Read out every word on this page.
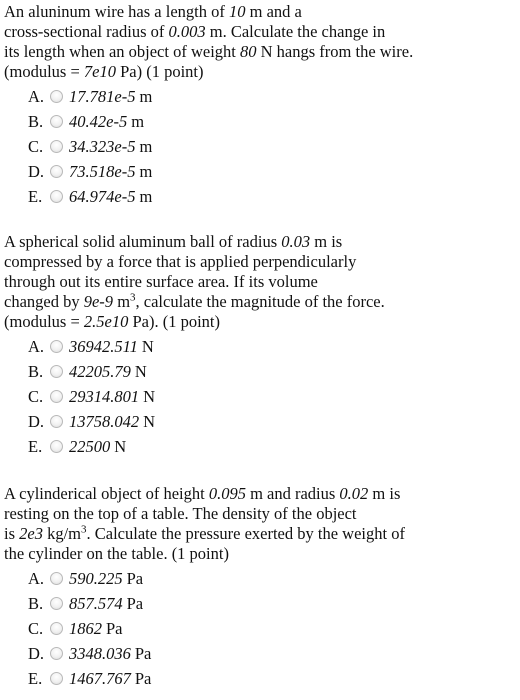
An aluninum wire has a length of 10 m and a
cross-sectional radius of 0.003 m. Calculate the change in
its length when an object of weight 80 N hangs from the wire.
(modulus = 7e10 Pa) (1 point)

A.	17.781e-5 m
B.	40.42e-5 m
C.	34.323e-5 m
D.	73.518e-5 m
E.	64.974e-5 m

A spherical solid aluminum ball of radius 0.03 m is
compressed by a force that is applied perpendicularly
through out its entire surface area. If its volume
changed by 9e-9 $m^3$, calculate the magnitude of the force.
(modulus = 2.5e10 Pa). (1 point)

A.	36942.511 N
B.	42205.79 N
C.	29314.801 N
D.	13758.042 N
E.	22500 N

A cylinderical object of height 0.095 m and radius 0.02 m is
resting on the top of a table. The density of the object
is 2e3 $kg/m^3$. Calculate the pressure exerted by the weight of
the cylinder on the table. (1 point)

A.	590.225 Pa
B.	857.574 Pa
C.	1862 Pa
D.	3348.036 Pa
E.	1467.767 Pa
